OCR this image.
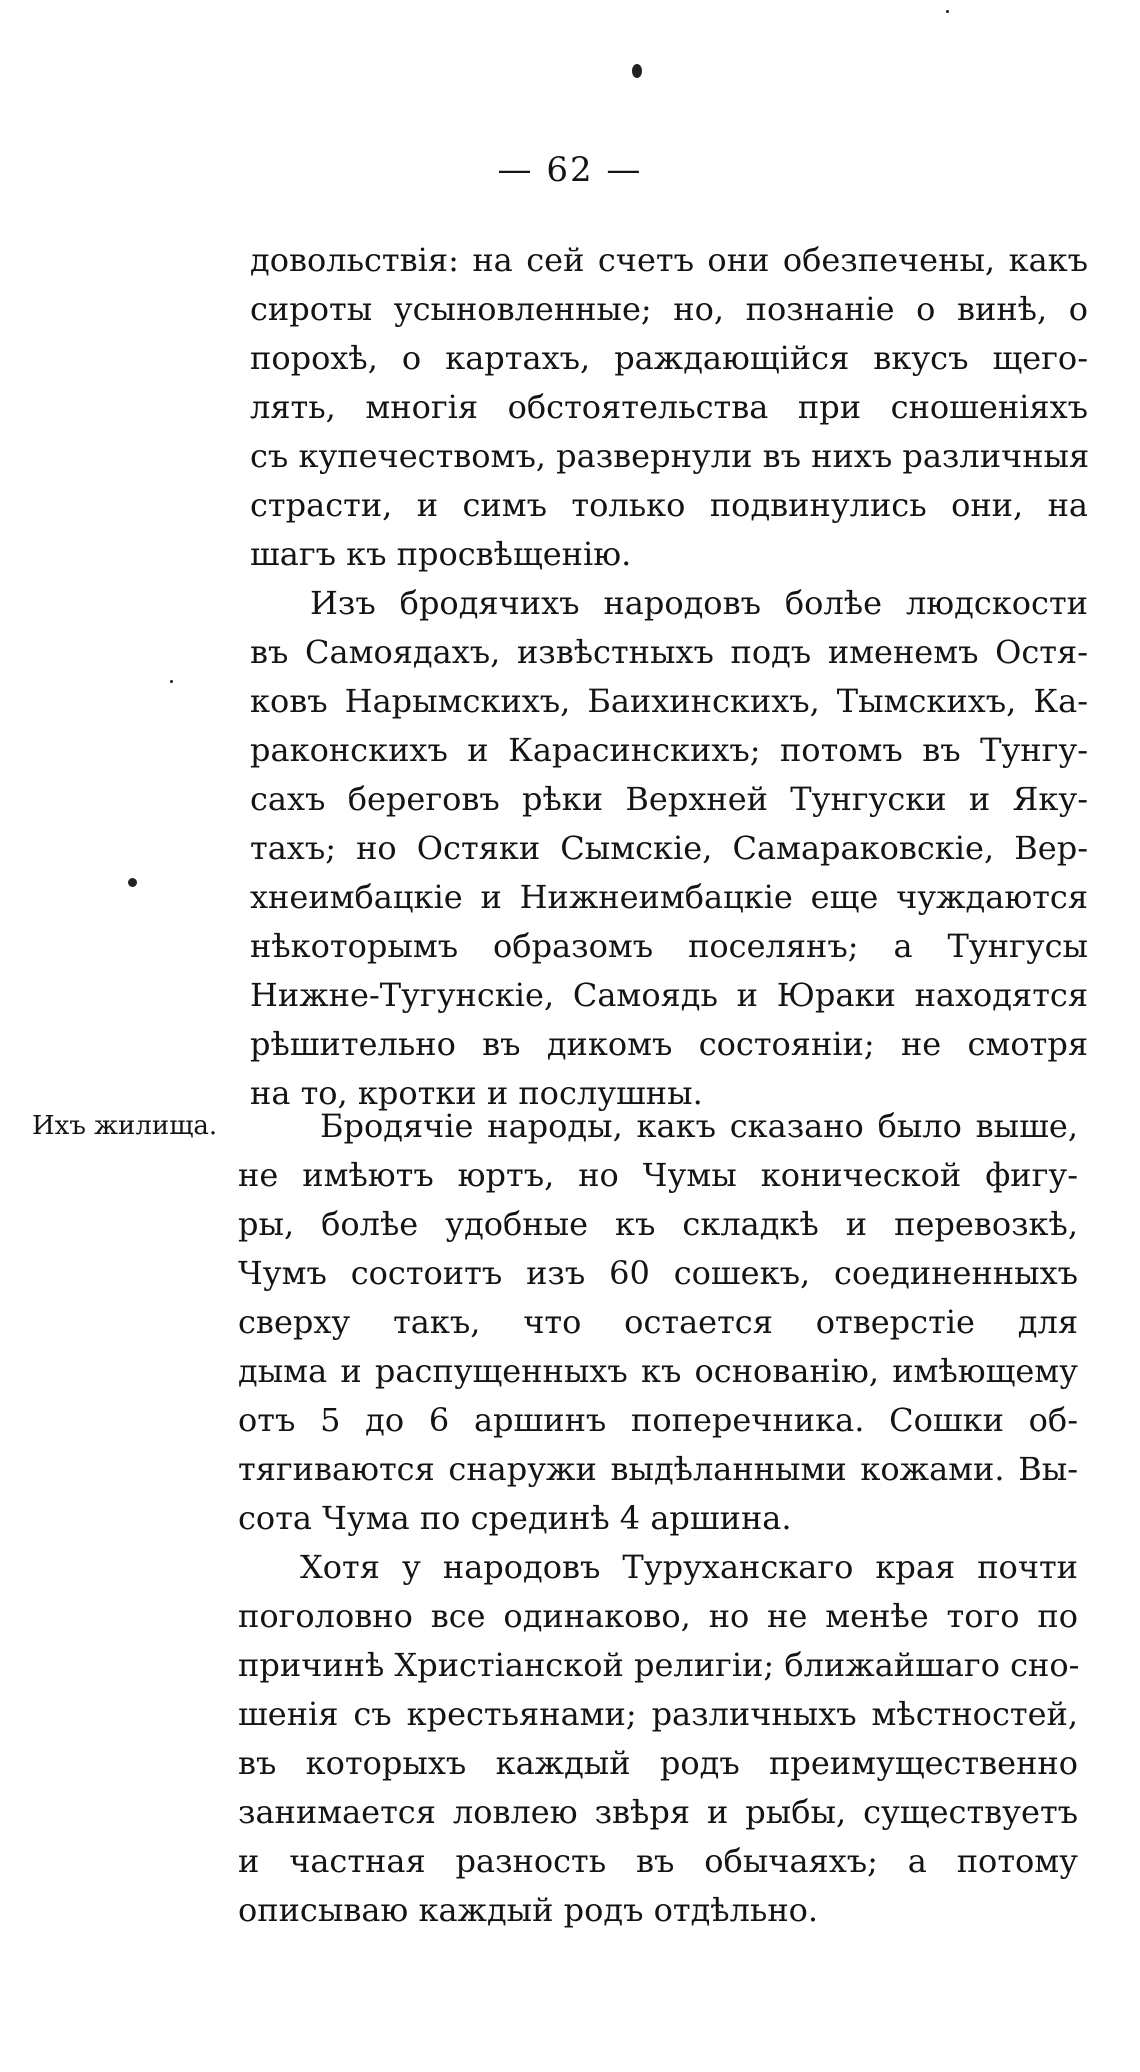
— 62 —
Ихъ жилища.
довольствія: на сей счетъ они обезпечены, какъ
сироты усыновленные; но, познаніе о винѣ, о
порохѣ, о картахъ, раждающійся вкусъ щего-
лять, многія обстоятельства при сношеніяхъ
съ купечествомъ, развернули въ нихъ различныя
страсти, и симъ только подвинулись они, на
шагъ къ просвѣщенію.
Изъ бродячихъ народовъ болѣе людскости
въ Самоядахъ, извѣстныхъ подъ именемъ Остя-
ковъ Нарымскихъ, Баихинскихъ, Тымскихъ, Ка-
раконскихъ и Карасинскихъ; потомъ въ Тунгу-
сахъ береговъ рѣки Верхней Тунгуски и Яку-
тахъ; но Остяки Сымскіе, Самараковскіе, Вер-
хнеимбацкіе и Нижнеимбацкіе еще чуждаются
нѣкоторымъ образомъ поселянъ; а Тунгусы
Нижне-Тугунскіе, Самоядь и Юраки находятся
рѣшительно въ дикомъ состояніи; не смотря
на то, кротки и послушны.
Бродячіе народы, какъ сказано было выше,
не имѣютъ юртъ, но Чумы конической фигу-
ры, болѣе удобные къ складкѣ и перевозкѣ,
Чумъ состоитъ изъ 60 сошекъ, соединенныхъ
сверху такъ, что остается отверстіе для
дыма и распущенныхъ къ основанію, имѣющему
отъ 5 до 6 аршинъ поперечника. Сошки об-
тягиваются снаружи выдѣланными кожами. Вы-
сота Чума по срединѣ 4 аршина.
Хотя у народовъ Туруханскаго края почти
поголовно все одинаково, но не менѣе того по
причинѣ Христіанской религіи; ближайшаго сно-
шенія съ крестьянами; различныхъ мѣстностей,
въ которыхъ каждый родъ преимущественно
занимается ловлею звѣря и рыбы, существуетъ
и частная разность въ обычаяхъ; а потому
описываю каждый родъ отдѣльно.
